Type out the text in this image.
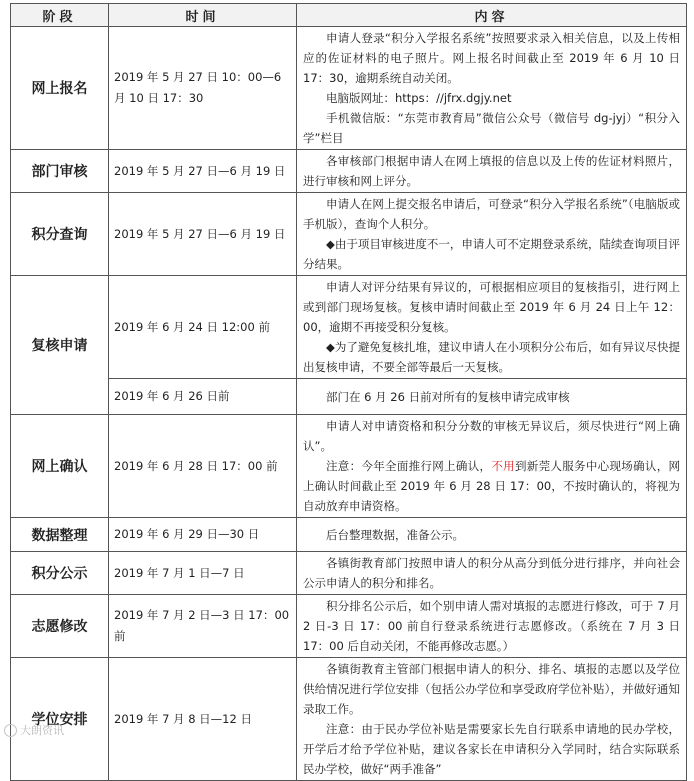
阶段	时间	内容
网上报名	2019 年 5 月 27 日 10：00—6 月 10 日 17：30	申请人登录“积分入学报名系统”按照要求录入相关信息，以及上传相应的佐证材料的电子照片。网上报名时间截止至 2019 年 6 月 10 日 17：30，逾期系统自动关闭。

电脑版网址：https：//jfrx.dgjy.net

手机微信版：“东莞市教育局”微信公众号（微信号 dg-jyj）“积分入学”栏目

部门审核	2019 年 5 月 27 日—6 月 19 日	各审核部门根据申请人在网上填报的信息以及上传的佐证材料照片，进行审核和网上评分。

积分查询	2019 年 5 月 27 日—6 月 19 日	申请人在网上提交报名申请后，可登录“积分入学报名系统”（电脑版或手机版），查询个人积分。

◆由于项目审核进度不一，申请人可不定期登录系统，陆续查询项目评分结果。

复核申请	2019 年 6 月 24 日 12:00 前	申请人对评分结果有异议的，可根据相应项目的复核指引，进行网上或到部门现场复核。复核申请时间截止至 2019 年 6 月 24 日上午 12：00，逾期不再接受积分复核。

◆为了避免复核扎堆，建议申请人在小项积分公布后，如有异议尽快提出复核申请，不要全部等最后一天复核。

	2019 年 6 月 26 日前	部门在 6 月 26 日前对所有的复核申请完成审核

网上确认	2019 年 6 月 28 日 17：00 前	申请人对申请资格和积分分数的审核无异议后，须尽快进行“网上确认”。

注意：今年全面推行网上确认，不用到新莞人服务中心现场确认，网上确认时间截止至 2019 年 6 月 28 日 17：00，不按时确认的，将视为自动放弃申请资格。

数据整理	2019 年 6 月 29 日—30 日	后台整理数据，准备公示。

积分公示	2019 年 7 月 1 日—7 日	各镇街教育部门按照申请人的积分从高分到低分进行排序，并向社会公示申请人的积分和排名。

志愿修改	2019 年 7 月 2 日—3 日 17：00 前	积分排名公示后，如个别申请人需对填报的志愿进行修改，可于 7 月 2 日-3 日 17：00 前自行登录系统进行志愿修改。（系统在 7 月 3 日 17：00 后自动关闭，不能再修改志愿。）

学位安排	2019 年 7 月 8 日—12 日	各镇街教育主管部门根据申请人的积分、排名、填报的志愿以及学位供给情况进行学位安排（包括公办学位和享受政府学位补贴），并做好通知录取工作。

注意：由于民办学位补贴是需要家长先自行联系申请地的民办学校，开学后才给予学位补贴，建议各家长在申请积分入学同时，结合实际联系民办学校，做好“两手准备”

大朗资讯
